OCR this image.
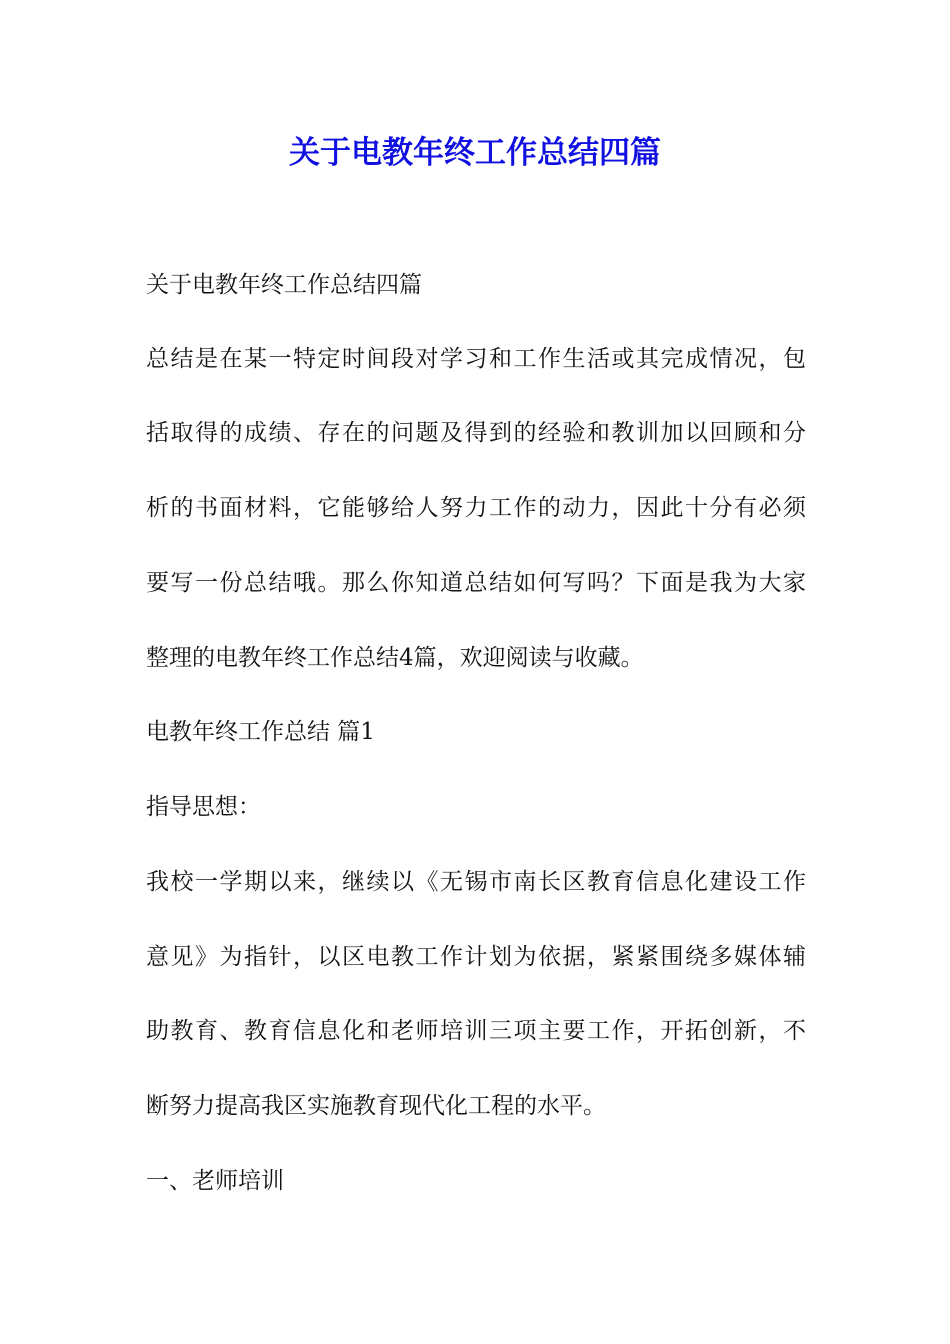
关于电教年终工作总结四篇

关于电教年终工作总结四篇

总结是在某一特定时间段对学习和工作生活或其完成情况，包

括取得的成绩、存在的问题及得到的经验和教训加以回顾和分

析的书面材料，它能够给人努力工作的动力，因此十分有必须

要写一份总结哦。那么你知道总结如何写吗？下面是我为大家

整理的电教年终工作总结4篇，欢迎阅读与收藏。

电教年终工作总结 篇1

指导思想：

我校一学期以来，继续以《无锡市南长区教育信息化建设工作

意见》为指针，以区电教工作计划为依据，紧紧围绕多媒体辅

助教育、教育信息化和老师培训三项主要工作，开拓创新，不

断努力提高我区实施教育现代化工程的水平。

一、老师培训
